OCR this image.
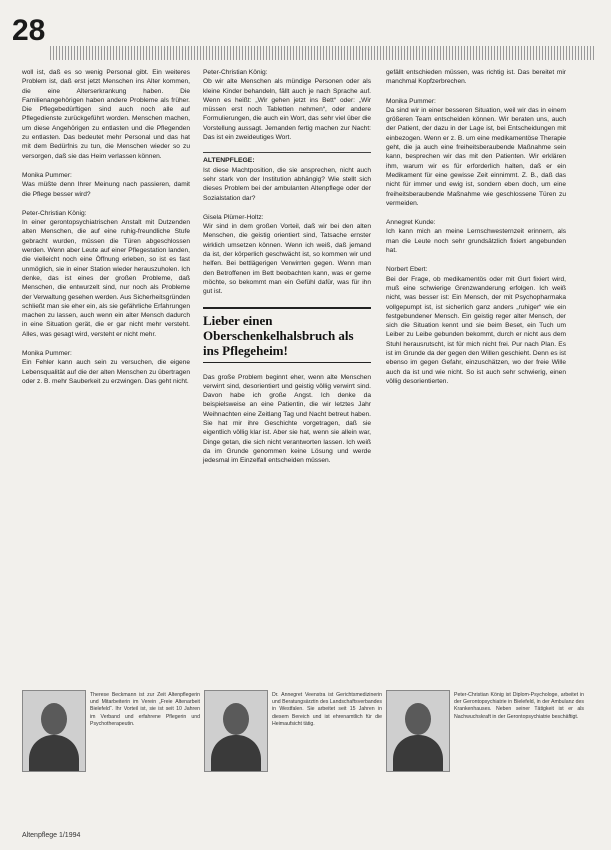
28
woll ist, daß es so wenig Personal gibt. Ein weiteres Problem ist, daß erst jetzt Menschen ins Alter kommen, die eine Alterserkrankung haben. Die Familienangehörigen haben andere Probleme als früher. Die Pflegebedürftigen sind auch noch alle auf Pflegedienste zurückgeführt worden. Menschen machen, um diese Angehörigen zu entlasten und die Pflegenden zu entlasten. Das bedeutet mehr Personal und das hat mit dem Bedürfnis zu tun, die Menschen wieder so zu versorgen, daß sie das Heim verlassen können.
Monika Pummer:
Was müßte denn Ihrer Meinung nach passieren, damit die Pflege besser wird?
Peter-Christian König:
In einer gerontopsychiatrischen Anstalt mit Dutzenden alten Menschen, die auf eine ruhig-freundliche Stufe gebracht wurden, müssen die Türen abgeschlossen werden. Wenn aber Leute auf einer Pflegestation landen, die vielleicht noch eine Öffnung erleben, so ist es fast unmöglich, sie in einer Station wieder herauszuholen. Ich denke, das ist eines der großen Probleme, daß Menschen, die entwurzelt sind, nur noch als Probleme der Verwaltung gesehen werden. Aus Sicherheitsgründen schließt man sie eher ein, als sie gefährliche Erfahrungen machen zu lassen, auch wenn ein alter Mensch dadurch in eine Situation gerät, die er gar nicht mehr versteht. Alles, was gesagt wird, versteht er nicht mehr.
Monika Pummer:
Ein Fehler kann auch sein zu versuchen, die eigene Lebensqualität auf die der alten Menschen zu übertragen oder z. B. mehr Sauberkeit zu erzwingen. Das geht nicht.
Peter-Christian König:
Ob wir alte Menschen als mündige Personen oder als kleine Kinder behandeln, fällt auch je nach Sprache auf. Wenn es heißt: „Wir gehen jetzt ins Bett“ oder: „Wir müssen erst noch Tabletten nehmen“, oder andere Formulierungen, die auch ein Wort, das sehr viel über die Vorstellung aussagt. Jemanden fertig machen zur Nacht: Das ist ein zweideutiges Wort.
ALTENPFLEGE:
Ist diese Machtposition, die sie ansprechen, nicht auch sehr stark von der Institution abhängig? Wie stellt sich dieses Problem bei der ambulanten Altenpflege oder der Sozialstation dar?
Gisela Plümer-Holtz:
Wir sind in dem großen Vorteil, daß wir bei den alten Menschen, die geistig orientiert sind, Tatsache ernster wirklich umsetzen können. Wenn ich weiß, daß jemand da ist, der körperlich geschwächt ist, so kommen wir und helfen. Bei bettlägerigen Verwirrten gegen. Wenn man den Betroffenen im Bett beobachten kann, was er gerne möchte, so bekommt man ein Gefühl dafür, was für ihn gut ist.
Lieber einen Oberschenkelhalsbruch als ins Pflegeheim!
Das große Problem beginnt eher, wenn alte Menschen verwirrt sind, desorientiert und geistig völlig verwirrt sind. Davon habe ich große Angst. Ich denke da beispielsweise an eine Patientin, die wir letztes Jahr Weihnachten eine Zeitlang Tag und Nacht betreut haben. Sie hat mir ihre Geschichte vorgetragen, daß sie eigentlich völlig klar ist. Aber sie hat, wenn sie allein war, Dinge getan, die sich nicht verantworten lassen. Ich weiß da im Grunde genommen keine Lösung und werde jedesmal im Einzelfall entscheiden müssen.
gefällt entschieden müssen, was richtig ist. Das bereitet mir manchmal Kopfzerbrechen.
Monika Pummer:
Da sind wir in einer besseren Situation, weil wir das in einem größeren Team entscheiden können. Wir beraten uns, auch der Patient, der dazu in der Lage ist, bei Entscheidungen mit einbezogen. Wenn er z. B. um eine medikamentöse Therapie geht, die ja auch eine freiheitsberaubende Maßnahme sein kann, besprechen wir das mit den Patienten. Wir erklären ihm, warum wir es für erforderlich halten, daß er ein Medikament für eine gewisse Zeit einnimmt. Z. B., daß das nicht für immer und ewig ist, sondern eben doch, um eine freiheitsberaubende Maßnahme wie geschlossene Türen zu vermeiden.
Annegret Kunde:
Ich kann mich an meine Lernschwesternzeit erinnern, als man die Leute noch sehr grundsätzlich fixiert angebunden hat.
Norbert Ebert:
Bei der Frage, ob medikamentös oder mit Gurt fixiert wird, muß eine schwierige Grenzwanderung erfolgen. Ich weiß nicht, was besser ist: Ein Mensch, der mit Psychopharmaka vollgepumpt ist, ist sicherlich ganz anders „ruhiger“ wie ein festgebundener Mensch. Ein geistig reger alter Mensch, der sich die Situation kennt und sie beim Beset, ein Tuch um Leiber zu Leibe gebunden bekommt, durch er nicht aus dem Stuhl herausrutscht, ist für mich nicht frei. Pur nach Plan. Es ist im Grunde da der gegen den Willen geschieht. Denn es ist ebenso im gegen Gefahr, einzuschätzen, wo der freie Wille auch da ist und wie nicht. So ist auch sehr schwierig, einen völlig desorientierten.
Therese Beckmann ist zur Zeit Altenpflegerin und Mitarbeiterin im Verein „Freie Altenarbeit Bielefeld“. Ihr Vorteil ist, sie ist seit 10 Jahren im Verband und erfahrene Pflegerin und Psychotherapeutin.
Dr. Annegret Veenstra ist Gerichtsmedizinerin und Beratungsärztin des Landschaftsverbandes in Westfalen. Sie arbeitet seit 15 Jahren in diesem Bereich und ist ehrenamtlich für die Heimaufsicht tätig.
Peter-Christian König ist Diplom-Psychologe, arbeitet in der Gerontopsychiatrie in Bielefeld, in der Ambulanz des Krankenhauses. Neben seiner Tätigkeit ist er als Nachwuchskraft in der Gerontopsychiatrie beschäftigt.
Altenpflege 1/1994
